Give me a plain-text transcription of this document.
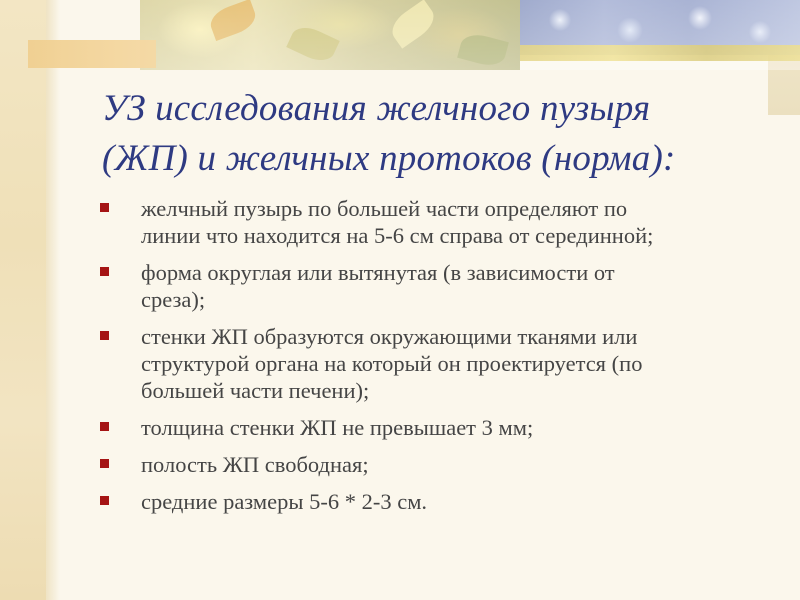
УЗ исследования желчного пузыря
(ЖП) и желчных протоков (норма):
желчный пузырь по большей части определяют по
линии что находится на 5-6 см справа от серединной;
форма округлая или вытянутая (в зависимости от
среза);
стенки ЖП образуются окружающими тканями или
структурой органа на который он проектируется (по
большей части печени);
толщина стенки ЖП не превышает 3 мм;
полость ЖП свободная;
средние размеры 5-6 * 2-3 см.
